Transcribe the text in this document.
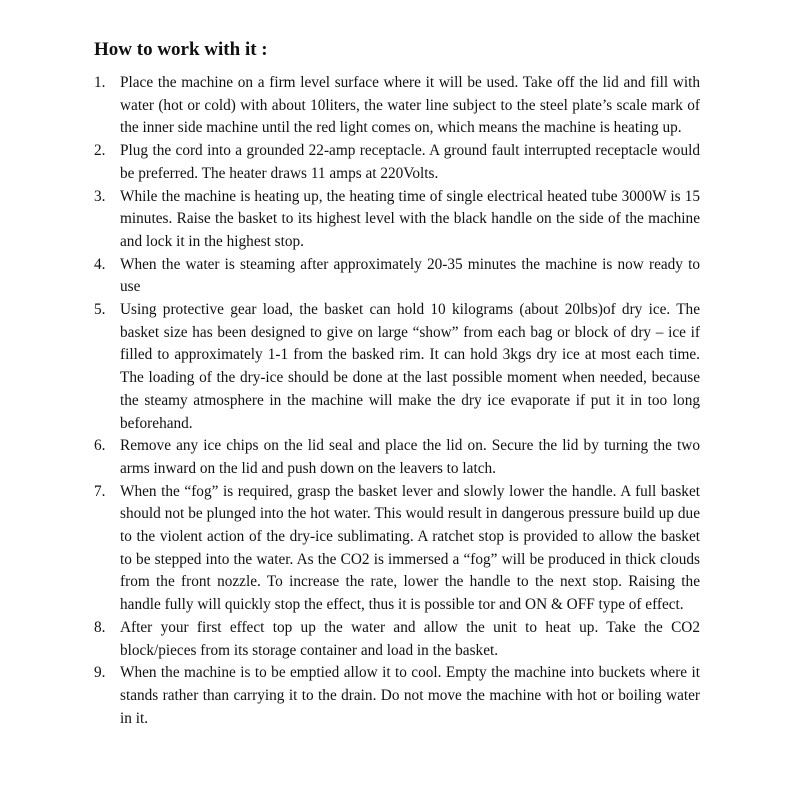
How to work with it :
1. Place the machine on a firm level surface where it will be used. Take off the lid and fill with water (hot or cold) with about 10liters, the water line subject to the steel plate’s scale mark of the inner side machine until the red light comes on, which means the machine is heating up.
2. Plug the cord into a grounded 22-amp receptacle. A ground fault interrupted receptacle would be preferred. The heater draws 11 amps at 220Volts.
3. While the machine is heating up, the heating time of single electrical heated tube 3000W is 15 minutes. Raise the basket to its highest level with the black handle on the side of the machine and lock it in the highest stop.
4. When the water is steaming after approximately 20-35 minutes the machine is now ready to use
5. Using protective gear load, the basket can hold 10 kilograms (about 20lbs)of dry ice. The basket size has been designed to give on large “show” from each bag or block of dry – ice if filled to approximately 1-1 from the basked rim. It can hold 3kgs dry ice at most each time. The loading of the dry-ice should be done at the last possible moment when needed, because the steamy atmosphere in the machine will make the dry ice evaporate if put it in too long beforehand.
6. Remove any ice chips on the lid seal and place the lid on. Secure the lid by turning the two arms inward on the lid and push down on the leavers to latch.
7. When the “fog” is required, grasp the basket lever and slowly lower the handle. A full basket should not be plunged into the hot water. This would result in dangerous pressure build up due to the violent action of the dry-ice sublimating. A ratchet stop is provided to allow the basket to be stepped into the water. As the CO2 is immersed a “fog” will be produced in thick clouds from the front nozzle. To increase the rate, lower the handle to the next stop. Raising the handle fully will quickly stop the effect, thus it is possible tor and ON & OFF type of effect.
8. After your first effect top up the water and allow the unit to heat up. Take the CO2 block/pieces from its storage container and load in the basket.
9. When the machine is to be emptied allow it to cool. Empty the machine into buckets where it stands rather than carrying it to the drain. Do not move the machine with hot or boiling water in it.
